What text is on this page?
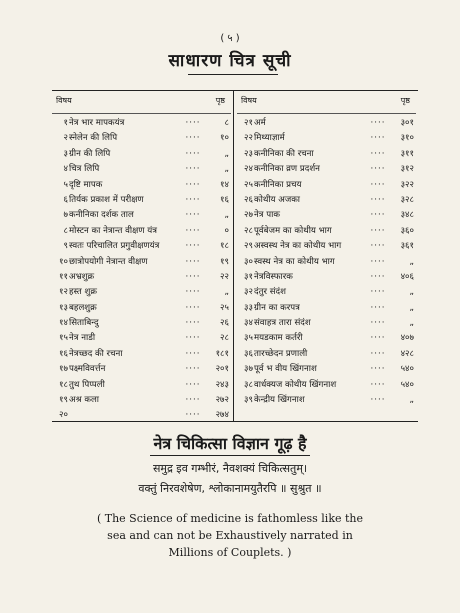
( ५ )
साधारण चित्र सूची
विषय	पृष्ठ
१ नेत्र भार मापकयंत्र	····	८
२ स्नेलेन की लिपि	····	१०
३ ग्रीन की लिपि	····	„
४ चित्र लिपि	····	„
५ दृष्टि मापक	····	१४
६ तिर्यक प्रकाश में परीक्षण	····	१६
७ कनीनिका दर्शक ताल	····	„
८ मोस्टन का नेत्रान्त वीक्षण यंत्र	····	०
९ स्वतः परिचालित प्रगुवीक्षणयंत्र	····	१८
१० छात्रोपयोगी नेत्रान्त वीक्षण	····	१९
११ अभ्रशुक्र	····	२२
१२ हस्त शुक्र	····	„
१३ बहलशुक्र	····	२५
१४ सिताबिन्दु	····	२६
१५ नेत्र नाडी	····	२८
१६ नेत्रच्छद की रचना	····	१८१
१७ पक्ष्मविवर्त्तन	····	२०१
१८ तुथ पिप्पली	····	२४३
१९ अश्र कला	····	२७२
२०	····	२७४
विषय	पृष्ठ
२१ अर्म	····	३०१
२२ मिथ्याज्ञार्म	····	३१०
२३ कनीनिका की रचना	····	३११
२४ कनीनिका व्रण प्रदर्शन	····	३१२
२५ कनीनिका प्रचय	····	३२२
२६ कोथीय अजका	····	३२८
२७ नेत्र पाक	····	३४८
२८ पूर्वबेजम का कोथीय भाग	····	३६०
२९ अस्वस्थ नेत्र का कोथीय भाग	····	३६१
३० स्वस्थ नेत्र का कोथीय भाग	····	„
३१ नेत्रविस्फारक	····	४०६
३२ दंतुर संदंश	····	„
३३ ग्रीन का करपत्र	····	„
३४ संवाहत्र तारा संदंश	····	„
३५ मयडकाम कर्तरी	····	४०७
३६ तारच्छेदन प्रणाली	····	४२८
३७ पूर्व भ वीय खिंगनाश	····	५४०
३८ वार्धक्यज कोथीय खिंगनाश	····	५४०
३९ केन्द्रीय खिंगनाश	····	„
नेत्र चिकित्सा विज्ञान गूढ़ है
समुद्र इव गम्भीरं, नैवशक्यं चिकित्सतुम्।
वक्तुं निरवशेषेण, श्लोकानामयुतैरपि ॥ सुश्रुत ॥
( The Science of medicine is fathomless like the
sea and can not be Exhaustively narrated in
Millions of Couplets. )
